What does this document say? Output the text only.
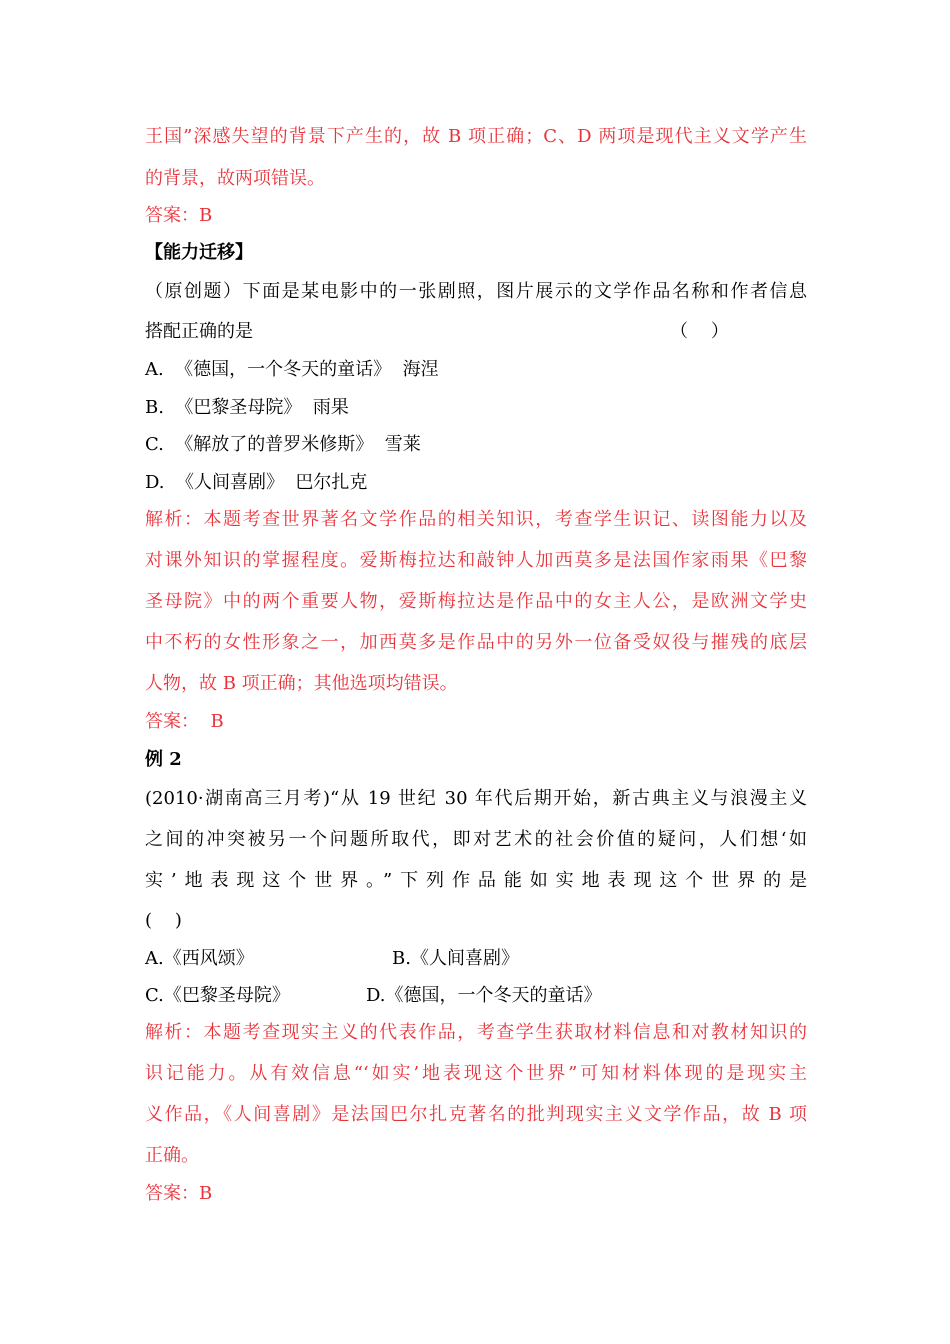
王国”深感失望的背景下产生的，故 B 项正确；C、D 两项是现代主义文学产生
的背景，故两项错误。
答案：B
【能力迁移】
（原创题）下面是某电影中的一张剧照，图片展示的文学作品名称和作者信息
搭配正确的是	（    ）
A.  《德国，一个冬天的童话》  海涅
B.  《巴黎圣母院》  雨果
C.  《解放了的普罗米修斯》  雪莱
D.  《人间喜剧》  巴尔扎克
解析：本题考查世界著名文学作品的相关知识，考查学生识记、读图能力以及
对课外知识的掌握程度。爱斯梅拉达和敲钟人加西莫多是法国作家雨果《巴黎
圣母院》中的两个重要人物，爱斯梅拉达是作品中的女主人公，是欧洲文学史
中不朽的女性形象之一，加西莫多是作品中的另外一位备受奴役与摧残的底层
人物，故 B 项正确；其他选项均错误。
答案：  B
例 2
(2010·湖南高三月考)“从 19 世纪 30 年代后期开始，新古典主义与浪漫主义
之间的冲突被另一个问题所取代，即对艺术的社会价值的疑问，人们想‘如
实’地表现这个世界。”下列作品能如实地表现这个世界的是
(    )
A.《西风颂》	B.《人间喜剧》
C.《巴黎圣母院》	D.《德国，一个冬天的童话》
解析：本题考查现实主义的代表作品，考查学生获取材料信息和对教材知识的
识记能力。从有效信息“‘如实’地表现这个世界”可知材料体现的是现实主
义作品，《人间喜剧》是法国巴尔扎克著名的批判现实主义文学作品，故 B 项
正确。
答案：B
